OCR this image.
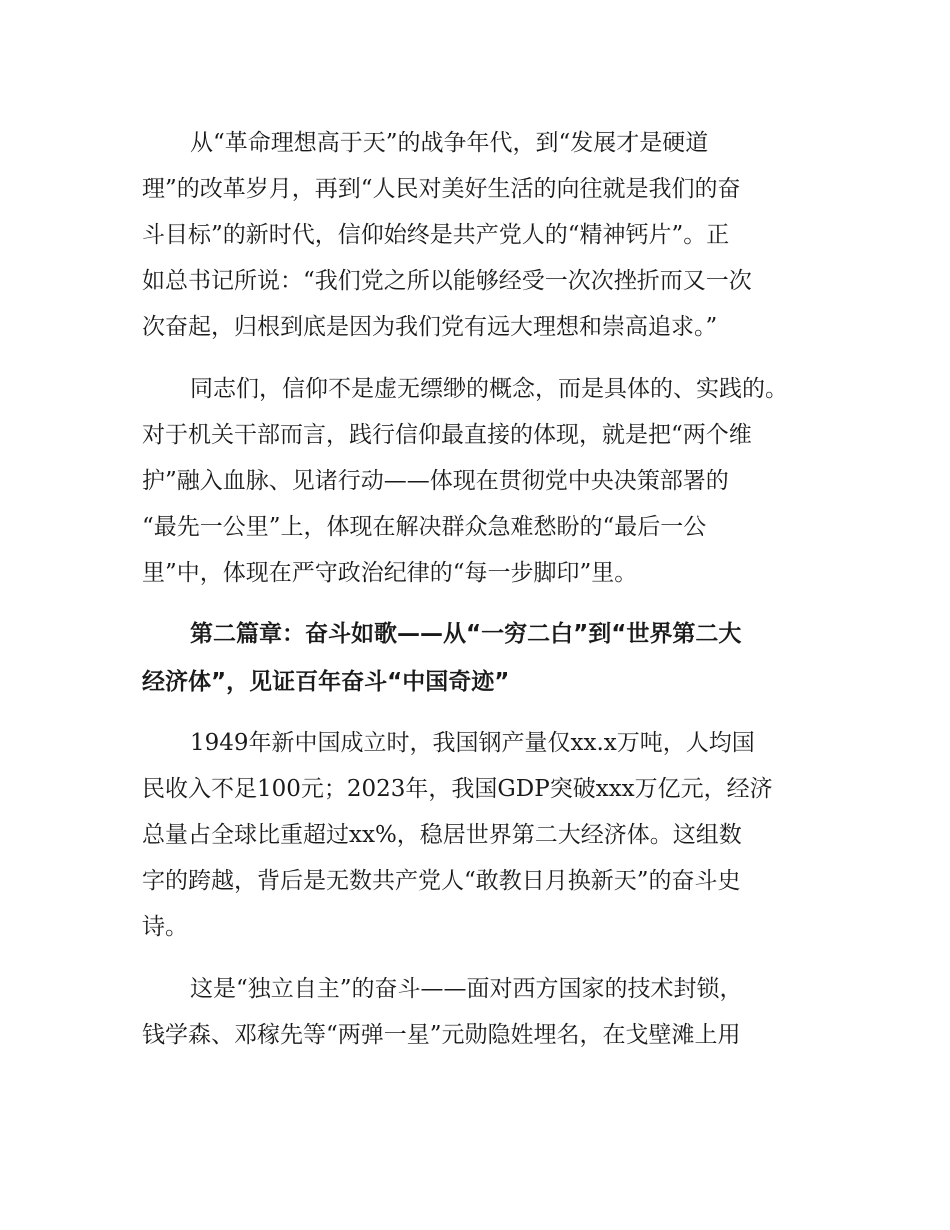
从“革命理想高于天”的战争年代，到“发展才是硬道
理”的改革岁月，再到“人民对美好生活的向往就是我们的奋
斗目标”的新时代，信仰始终是共产党人的“精神钙片”。正
如总书记所说：“我们党之所以能够经受一次次挫折而又一次
次奋起，归根到底是因为我们党有远大理想和崇高追求。”

同志们，信仰不是虚无缥缈的概念，而是具体的、实践的。
对于机关干部而言，践行信仰最直接的体现，就是把“两个维
护”融入血脉、见诸行动——体现在贯彻党中央决策部署的
“最先一公里”上，体现在解决群众急难愁盼的“最后一公
里”中，体现在严守政治纪律的“每一步脚印”里。

第二篇章：奋斗如歌——从“一穷二白”到“世界第二大
经济体”，见证百年奋斗“中国奇迹”

1949年新中国成立时，我国钢产量仅xx.x万吨，人均国
民收入不足100元；2023年，我国GDP突破xxx万亿元，经济
总量占全球比重超过xx%，稳居世界第二大经济体。这组数
字的跨越，背后是无数共产党人“敢教日月换新天”的奋斗史
诗。

这是“独立自主”的奋斗——面对西方国家的技术封锁，
钱学森、邓稼先等“两弹一星”元勋隐姓埋名，在戈壁滩上用
